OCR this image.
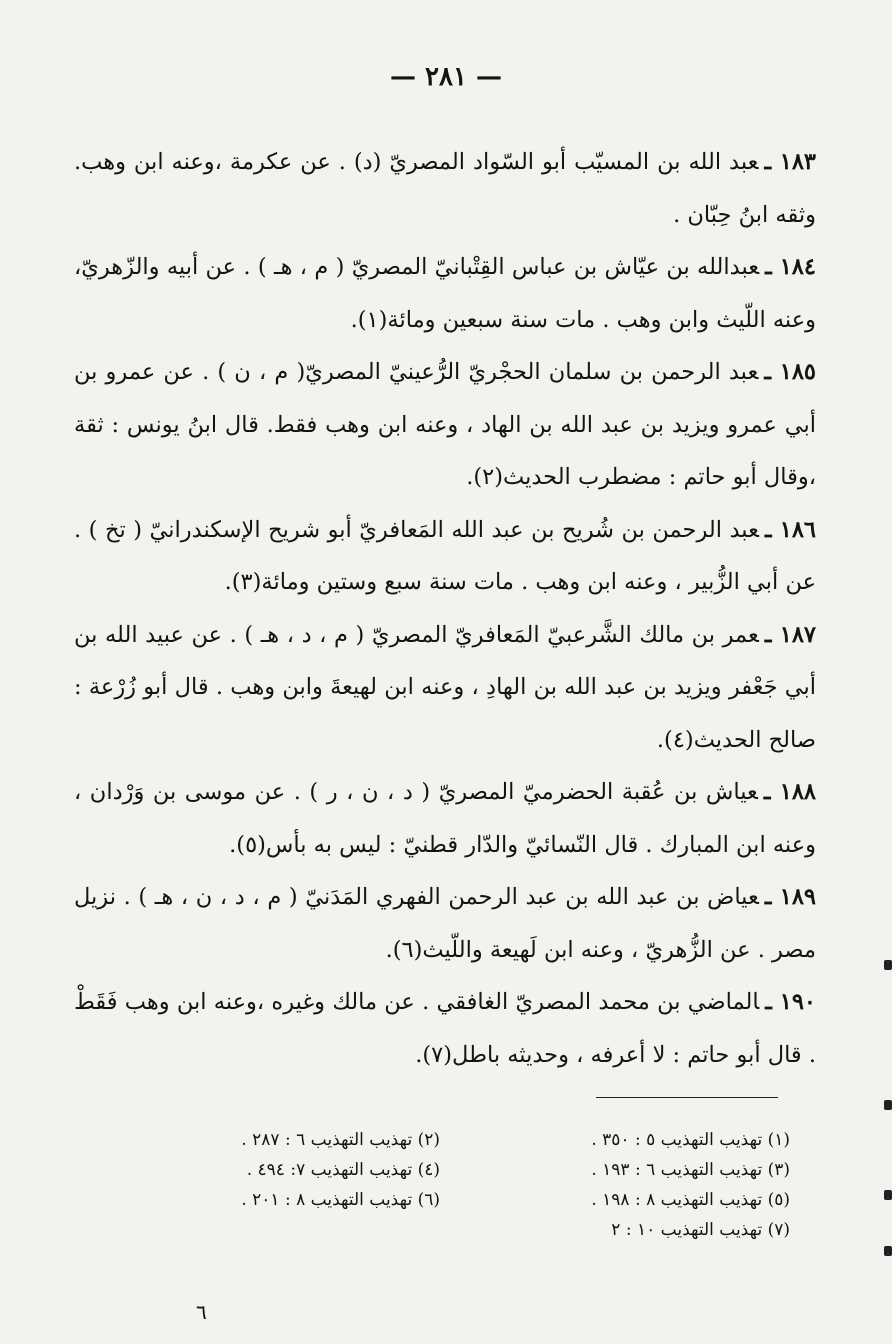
— ٢٨١ —

١٨٣ ـعبد الله بن المسيّب أبو السّواد المصريّ (د) . عن عكرمة ،وعنه ابن وهب. وثقه ابنُ حِبّان .

١٨٤ ـعبدالله بن عيّاش بن عباس القِتْبانيّ المصريّ ( م ، هـ ) . عن أبيه والزّهريّ، وعنه اللّيث وابن وهب . مات سنة سبعين ومائة(١).

١٨٥ ـعبد الرحمن بن سلمان الحجْريّ الرُّعينيّ المصريّ( م ، ن ) . عن عمرو بن أبي عمرو ويزيد بن عبد الله بن الهاد ، وعنه ابن وهب فقط. قال ابنُ يونس : ثقة ،وقال أبو حاتم : مضطرب الحديث(٢).

١٨٦ ـعبد الرحمن بن شُريح بن عبد الله المَعافريّ أبو شريح الإسكندرانيّ ( تخ ) . عن أبي الزُّبير ، وعنه ابن وهب . مات سنة سبع وستين ومائة(٣).

١٨٧ ـعمر بن مالك الشَّرعبيّ المَعافريّ المصريّ ( م ، د ، هـ ) . عن عبيد الله بن أبي جَعْفر ويزيد بن عبد الله بن الهادِ ، وعنه ابن لهيعةَ وابن وهب . قال أبو زُرْعة : صالح الحديث(٤).

١٨٨ ـعياش بن عُقبة الحضرميّ المصريّ ( د ، ن ، ر ) . عن موسى بن وَرْدان ، وعنه ابن المبارك . قال النّسائيّ والدّار قطنيّ : ليس به بأس(٥).

١٨٩ ـعياض بن عبد الله بن عبد الرحمن الفهري المَدَنيّ ( م ، د ، ن ، هـ ) . نزيل مصر . عن الزُّهريّ ، وعنه ابن لَهيعة واللّيث(٦).

١٩٠ ـالماضي بن محمد المصريّ الغافقي . عن مالك وغيره ،وعنه ابن وهب فَقَطْ . قال أبو حاتم : لا أعرفه ، وحديثه باطل(٧).

(١) تهذيب التهذيب ٥ : ٣٥٠ .
(٣) تهذيب التهذيب ٦ : ١٩٣ .
(٥) تهذيب التهذيب ٨ : ١٩٨ .
(٧) تهذيب التهذيب ١٠ : ٢
(٢) تهذيب التهذيب ٦ : ٢٨٧ .
(٤) تهذيب التهذيب ٧: ٤٩٤ .
(٦) تهذيب التهذيب ٨ : ٢٠١ .
٦
